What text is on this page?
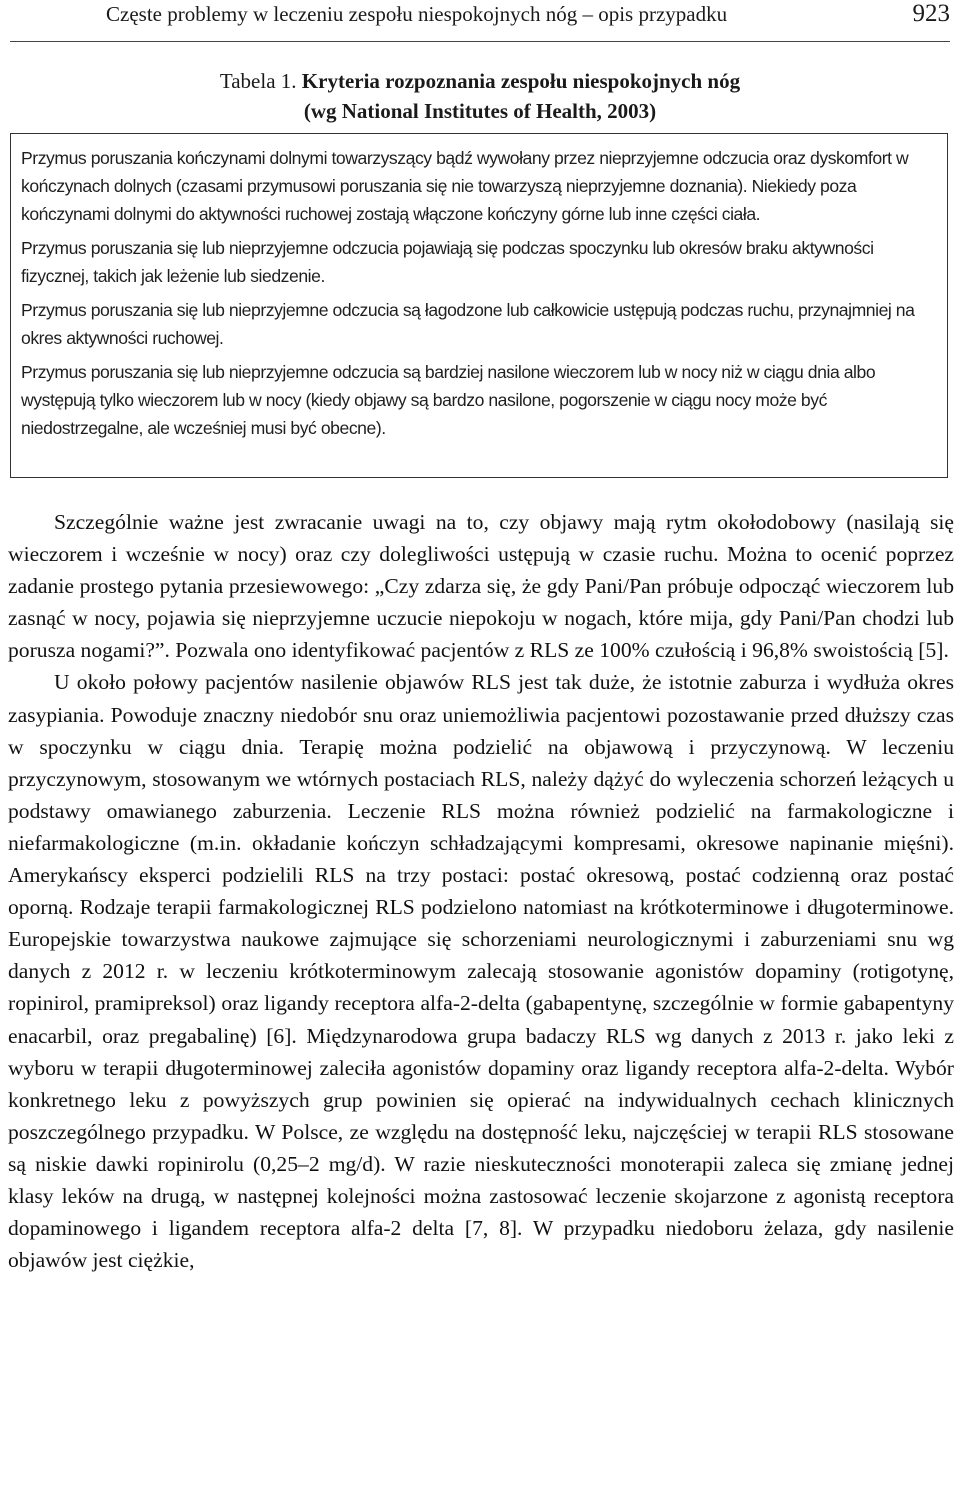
Częste problemy w leczeniu zespołu niespokojnych nóg – opis przypadku	923
Tabela 1. Kryteria rozpoznania zespołu niespokojnych nóg
(wg National Institutes of Health, 2003)

Przymus poruszania kończynami dolnymi towarzyszący bądź wywołany przez nieprzyjemne odczucia oraz dyskomfort w kończynach dolnych (czasami przymusowi poruszania się nie towarzyszą nieprzyjemne doznania). Niekiedy poza kończynami dolnymi do aktywności ruchowej zostają włączone kończyny górne lub inne części ciała.

Przymus poruszania się lub nieprzyjemne odczucia pojawiają się podczas spoczynku lub okresów braku aktywności fizycznej, takich jak leżenie lub siedzenie.

Przymus poruszania się lub nieprzyjemne odczucia są łagodzone lub całkowicie ustępują podczas ruchu, przynajmniej na okres aktywności ruchowej.

Przymus poruszania się lub nieprzyjemne odczucia są bardziej nasilone wieczorem lub w nocy niż w ciągu dnia albo występują tylko wieczorem lub w nocy (kiedy objawy są bardzo nasilone, pogorszenie w ciągu nocy może być niedostrzegalne, ale wcześniej musi być obecne).

Szczególnie ważne jest zwracanie uwagi na to, czy objawy mają rytm okołodobowy (nasilają się wieczorem i wcześnie w nocy) oraz czy dolegliwości ustępują w czasie ruchu. Można to ocenić poprzez zadanie prostego pytania przesiewowego: „Czy zdarza się, że gdy Pani/Pan próbuje odpocząć wieczorem lub zasnąć w nocy, pojawia się nieprzyjemne uczucie niepokoju w nogach, które mija, gdy Pani/Pan chodzi lub porusza nogami?”. Pozwala ono identyfikować pacjentów z RLS ze 100% czułością i 96,8% swoistością [5].

U około połowy pacjentów nasilenie objawów RLS jest tak duże, że istotnie zaburza i wydłuża okres zasypiania. Powoduje znaczny niedobór snu oraz uniemożliwia pacjentowi pozostawanie przed dłuższy czas w spoczynku w ciągu dnia. Terapię można podzielić na objawową i przyczynową. W leczeniu przyczynowym, stosowanym we wtórnych postaciach RLS, należy dążyć do wyleczenia schorzeń leżących u podstawy omawianego zaburzenia. Leczenie RLS można również podzielić na farmakologiczne i niefarmakologiczne (m.in. okładanie kończyn schładzającymi kompresami, okresowe napinanie mięśni). Amerykańscy eksperci podzielili RLS na trzy postaci: postać okresową, postać codzienną oraz postać oporną. Rodzaje terapii farmakologicznej RLS podzielono natomiast na krótkoterminowe i długoterminowe. Europejskie towarzystwa naukowe zajmujące się schorzeniami neurologicznymi i zaburzeniami snu wg danych z 2012 r. w leczeniu krótkoterminowym zalecają stosowanie agonistów dopaminy (rotigotynę, ropinirol, pramipreksol) oraz ligandy receptora alfa-2-delta (gabapentynę, szczególnie w formie gabapentyny enacarbil, oraz pregabalinę) [6]. Międzynarodowa grupa badaczy RLS wg danych z 2013 r. jako leki z wyboru w terapii długoterminowej zaleciła agonistów dopaminy oraz ligandy receptora alfa-2-delta. Wybór konkretnego leku z powyższych grup powinien się opierać na indywidualnych cechach klinicznych poszczególnego przypadku. W Polsce, ze względu na dostępność leku, najczęściej w terapii RLS stosowane są niskie dawki ropinirolu (0,25–2 mg/d). W razie nieskuteczności monoterapii zaleca się zmianę jednej klasy leków na drugą, w następnej kolejności można zastosować leczenie skojarzone z agonistą receptora dopaminowego i ligandem receptora alfa-2 delta [7, 8]. W przypadku niedoboru żelaza, gdy nasilenie objawów jest ciężkie,
